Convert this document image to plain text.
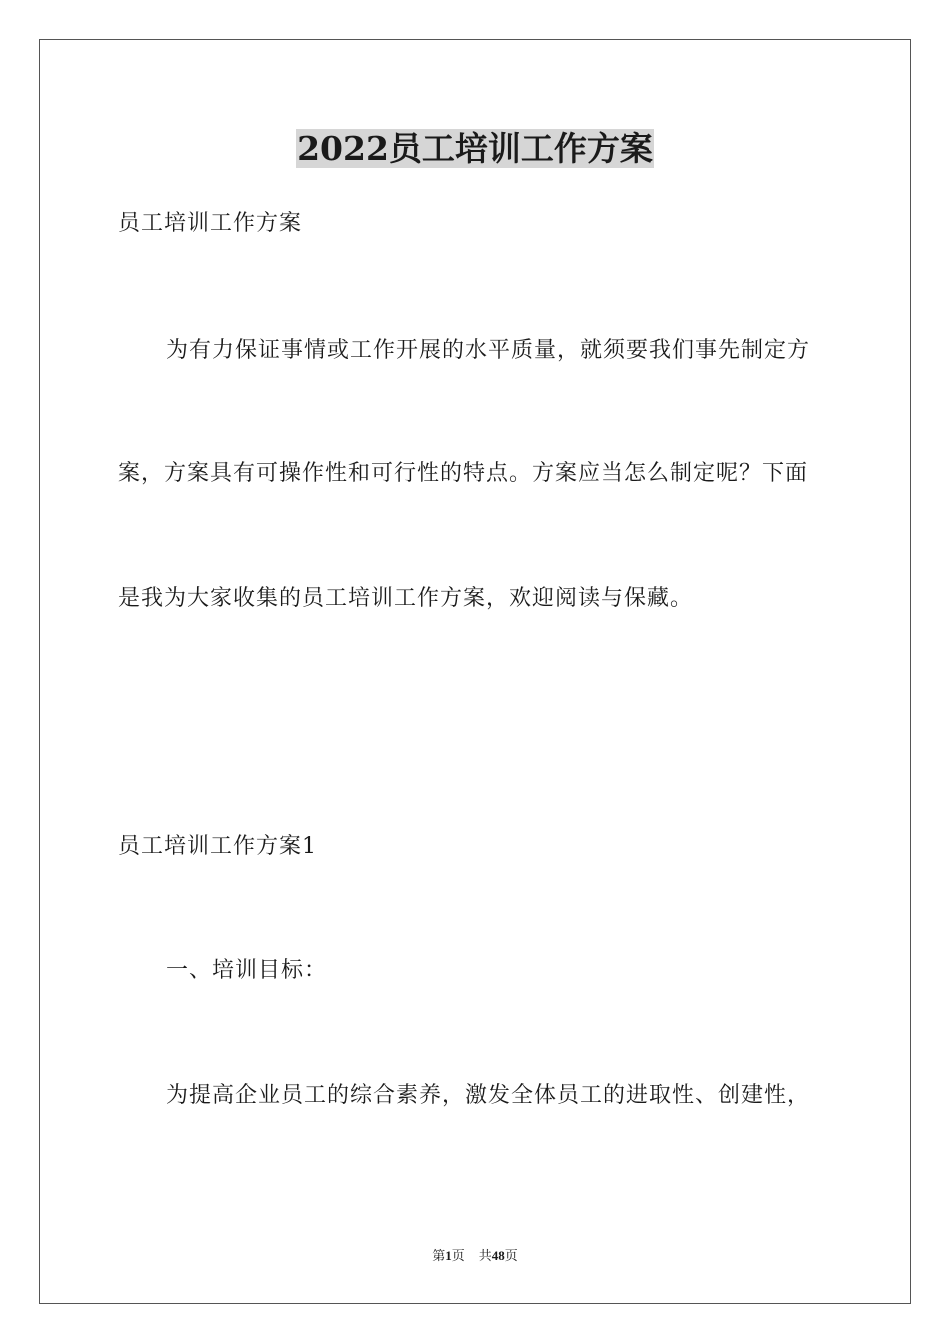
2022员工培训工作方案
员工培训工作方案
为有力保证事情或工作开展的水平质量，就须要我们事先制定方
案，方案具有可操作性和可行性的特点。方案应当怎么制定呢？下面
是我为大家收集的员工培训工作方案，欢迎阅读与保藏。
员工培训工作方案1
一、培训目标：
为提高企业员工的综合素养，激发全体员工的进取性、创建性，
第1页 共48页
